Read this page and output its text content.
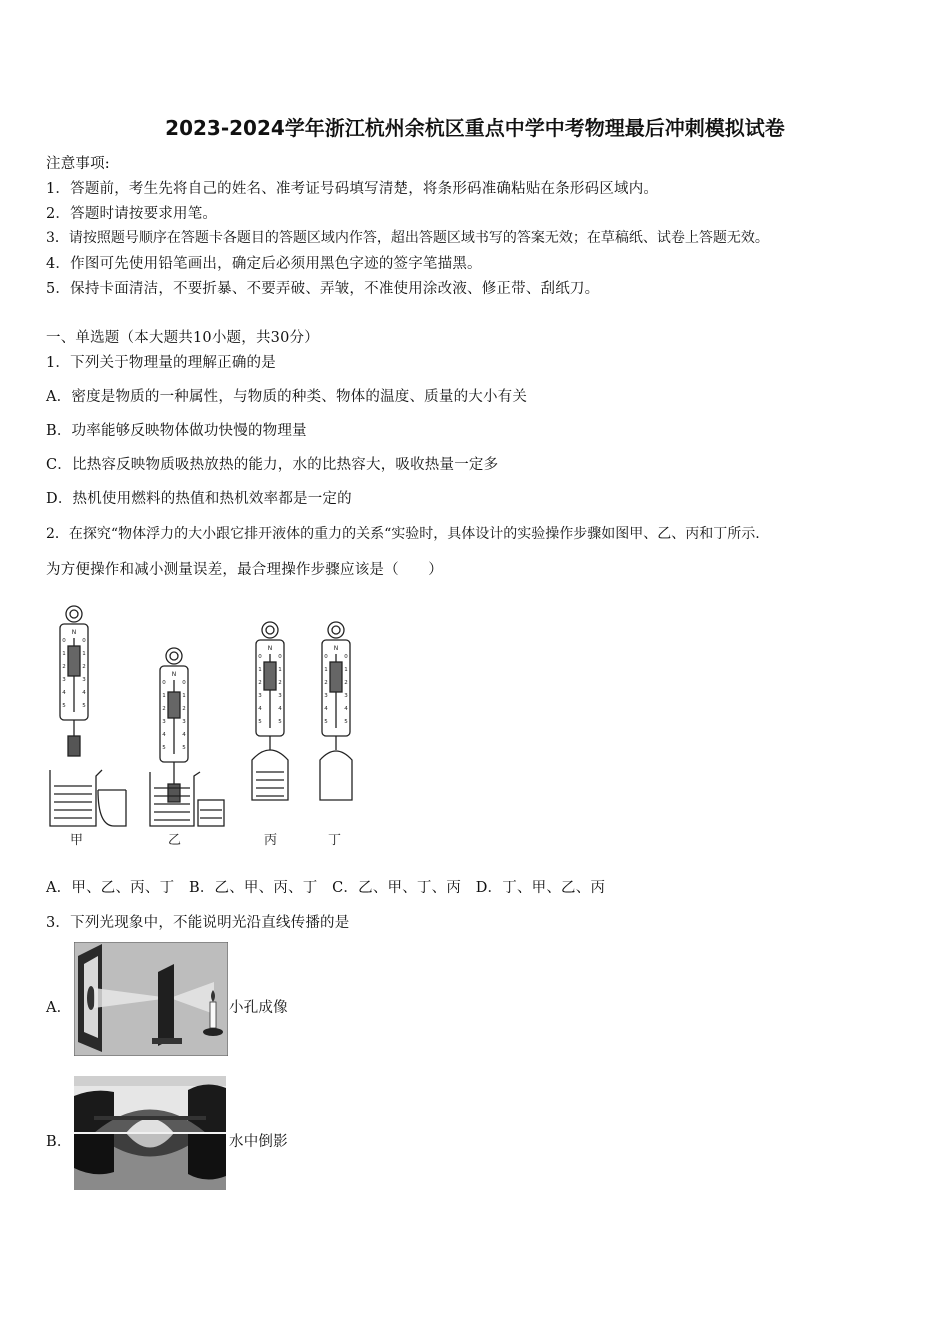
2023-2024学年浙江杭州余杭区重点中学中考物理最后冲刺模拟试卷
注意事项:
1．答题前，考生先将自己的姓名、准考证号码填写清楚，将条形码准确粘贴在条形码区域内。
2．答题时请按要求用笔。
3．请按照题号顺序在答题卡各题目的答题区域内作答，超出答题区域书写的答案无效；在草稿纸、试卷上答题无效。
4．作图可先使用铅笔画出，确定后必须用黑色字迹的签字笔描黑。
5．保持卡面清洁，不要折暴、不要弄破、弄皱，不准使用涂改液、修正带、刮纸刀。
一、单选题（本大题共10小题，共30分）
1．下列关于物理量的理解正确的是
A．密度是物质的一种属性，与物质的种类、物体的温度、质量的大小有关
B．功率能够反映物体做功快慢的物理量
C．比热容反映物质吸热放热的能力，水的比热容大，吸收热量一定多
D．热机使用燃料的热值和热机效率都是一定的
2．在探究“物体浮力的大小跟它排开液体的重力的关系“实验时，具体设计的实验操作步骤如图甲、乙、丙和丁所示.
为方便操作和减小测量误差，最合理操作步骤应该是（　　）
N
N
N	N
0	0
1	1
2	2
3	3
4	4
5	5
0	0
1	1
2	2
3	3
4	4
5	5
0	0
1	1
2	2
3	3
4	4
5	5
0	0
1	1
2	2
3	3
4	4
5	5
甲	乙	丙	丁
A．甲、乙、丙、丁　B．乙、甲、丙、丁　C．乙、甲、丁、丙　D．丁、甲、乙、丙
3．下列光现象中，不能说明光沿直线传播的是
A．	小孔成像
B．	水中倒影
